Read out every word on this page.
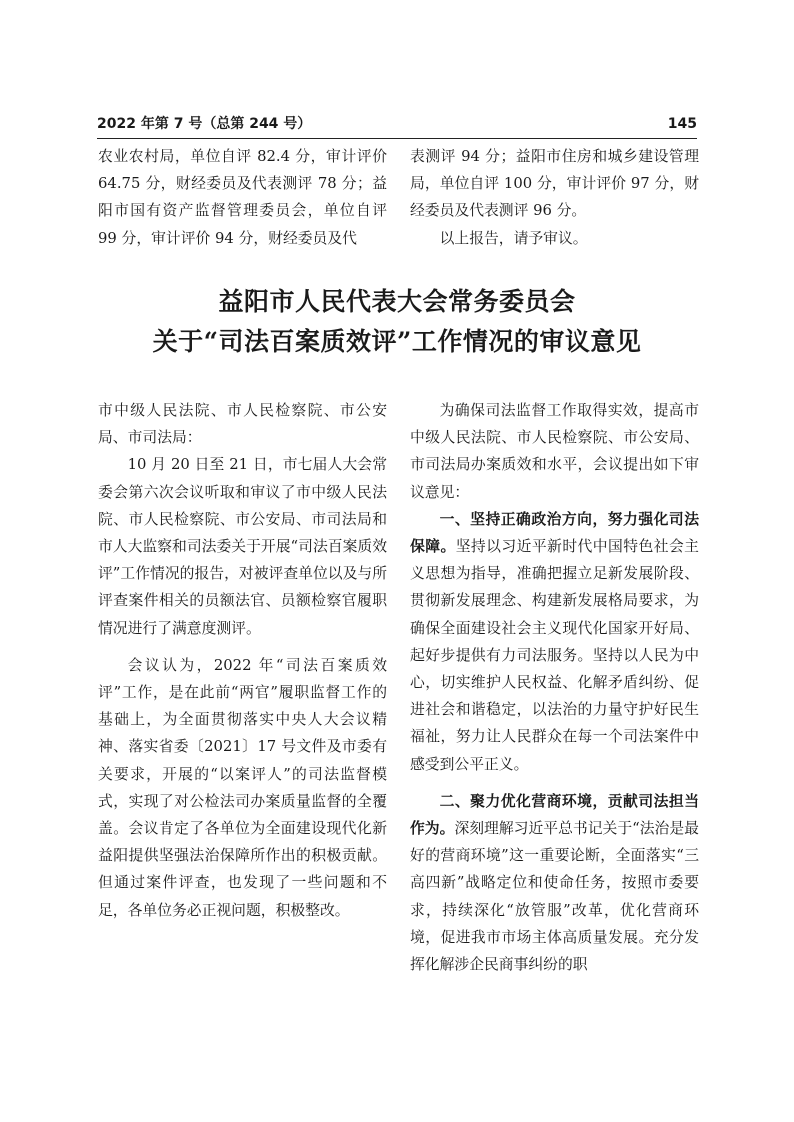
2022 年第 7 号（总第 244 号）	145

农业农村局，单位自评 82.4 分，审计评价 64.75 分，财经委员及代表测评 78 分；益阳市国有资产监督管理委员会，单位自评 99 分，审计评价 94 分，财经委员及代

表测评 94 分；益阳市住房和城乡建设管理局，单位自评 100 分，审计评价 97 分，财经委员及代表测评 96 分。

以上报告，请予审议。

益阳市人民代表大会常务委员会
关于“司法百案质效评”工作情况的审议意见

市中级人民法院、市人民检察院、市公安局、市司法局：

10 月 20 日至 21 日，市七届人大会常委会第六次会议听取和审议了市中级人民法院、市人民检察院、市公安局、市司法局和市人大监察和司法委关于开展“司法百案质效评”工作情况的报告，对被评查单位以及与所评查案件相关的员额法官、员额检察官履职情况进行了满意度测评。

会议认为，2022 年“司法百案质效评”工作，是在此前“两官”履职监督工作的基础上，为全面贯彻落实中央人大会议精神、落实省委〔2021〕17 号文件及市委有关要求，开展的“以案评人”的司法监督模式，实现了对公检法司办案质量监督的全覆盖。会议肯定了各单位为全面建设现代化新益阳提供坚强法治保障所作出的积极贡献。但通过案件评查，也发现了一些问题和不足，各单位务必正视问题，积极整改。

为确保司法监督工作取得实效，提高市中级人民法院、市人民检察院、市公安局、市司法局办案质效和水平，会议提出如下审议意见：

一、坚持正确政治方向，努力强化司法保障。坚持以习近平新时代中国特色社会主义思想为指导，准确把握立足新发展阶段、贯彻新发展理念、构建新发展格局要求，为确保全面建设社会主义现代化国家开好局、起好步提供有力司法服务。坚持以人民为中心，切实维护人民权益、化解矛盾纠纷、促进社会和谐稳定，以法治的力量守护好民生福祉，努力让人民群众在每一个司法案件中感受到公平正义。

二、聚力优化营商环境，贡献司法担当作为。深刻理解习近平总书记关于“法治是最好的营商环境”这一重要论断，全面落实“三高四新”战略定位和使命任务，按照市委要求，持续深化“放管服”改革，优化营商环境，促进我市市场主体高质量发展。充分发挥化解涉企民商事纠纷的职
